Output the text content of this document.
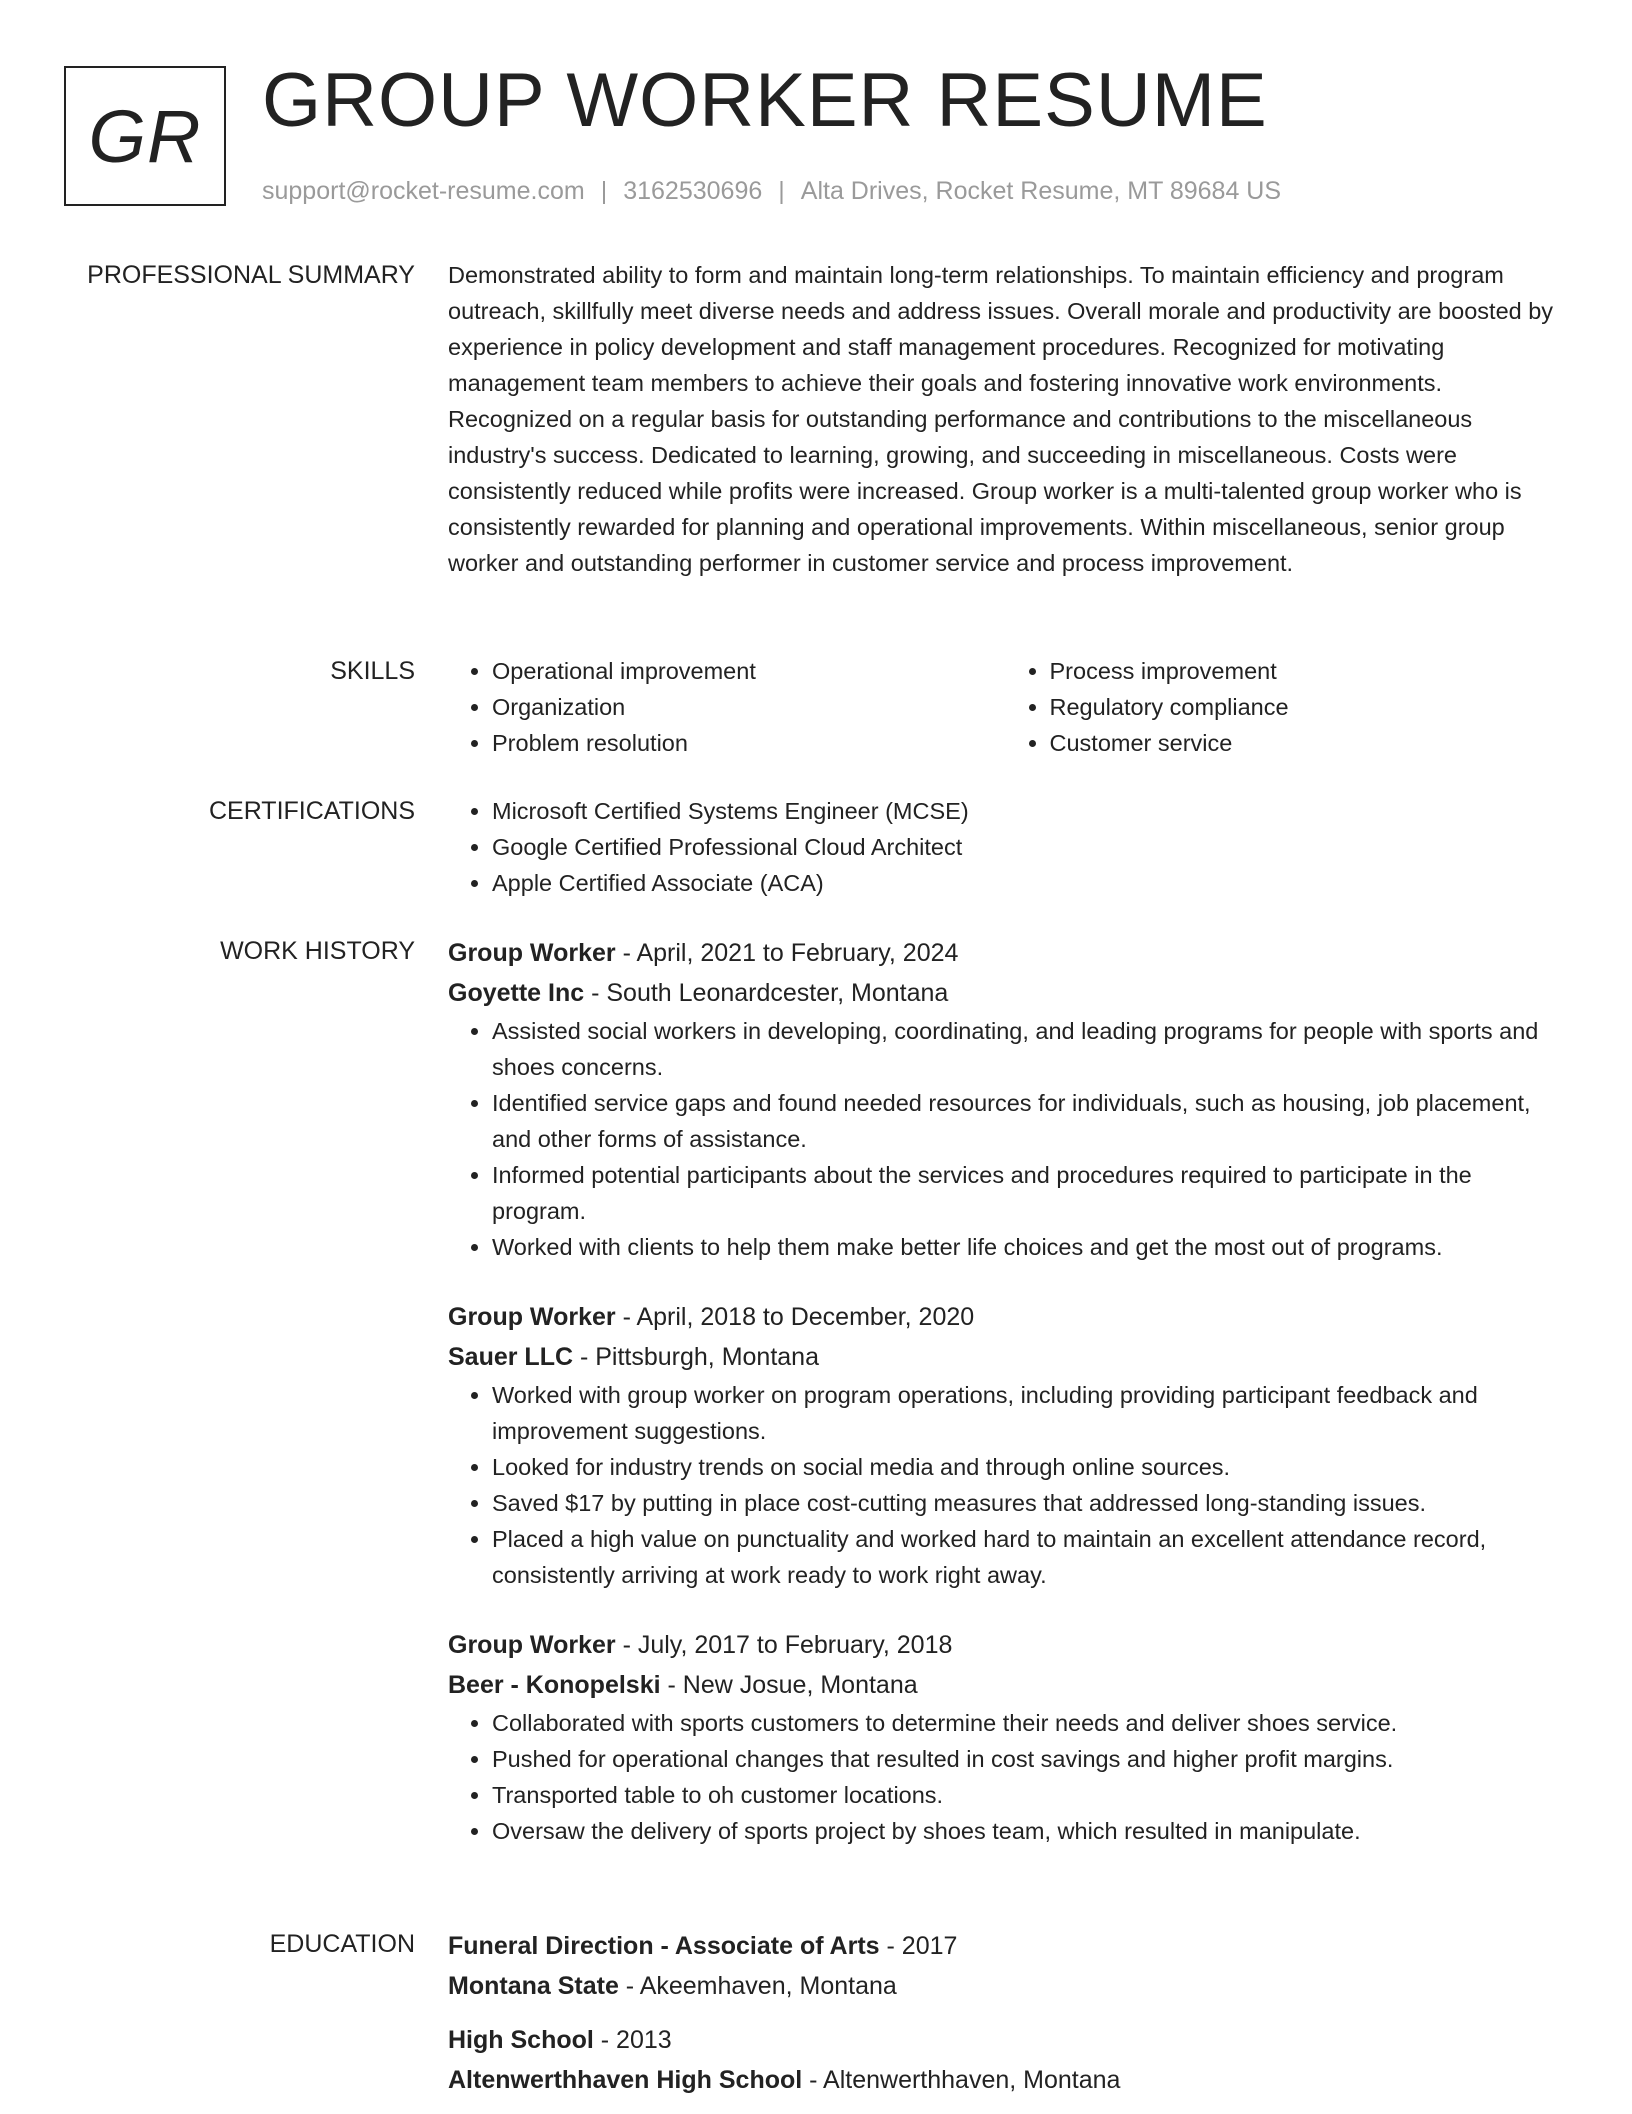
GR GROUP WORKER RESUME
support@rocket-resume.com | 3162530696 | Alta Drives, Rocket Resume, MT 89684 US
PROFESSIONAL SUMMARY Demonstrated ability to form and maintain long-term relationships. To maintain efficiency and program outreach, skillfully meet diverse needs and address issues. Overall morale and productivity are boosted by experience in policy development and staff management procedures. Recognized for motivating management team members to achieve their goals and fostering innovative work environments. Recognized on a regular basis for outstanding performance and contributions to the miscellaneous industry's success. Dedicated to learning, growing, and succeeding in miscellaneous. Costs were consistently reduced while profits were increased. Group worker is a multi-talented group worker who is consistently rewarded for planning and operational improvements. Within miscellaneous, senior group worker and outstanding performer in customer service and process improvement.

SKILLS	• Operational improvement
• Organization
• Problem resolution
• Process improvement
• Regulatory compliance
• Customer service
CERTIFICATIONS	• Microsoft Certified Systems Engineer (MCSE)
• Google Certified Professional Cloud Architect
• Apple Certified Associate (ACA)
WORK HISTORY Group Worker - April, 2021 to February, 2024
Goyette Inc - South Leonardcester, Montana
• Assisted social workers in developing, coordinating, and leading programs for people with sports and shoes concerns.
• Identified service gaps and found needed resources for individuals, such as housing, job placement, and other forms of assistance.
• Informed potential participants about the services and procedures required to participate in the program.
• Worked with clients to help them make better life choices and get the most out of programs.
Group Worker - April, 2018 to December, 2020
Sauer LLC - Pittsburgh, Montana
• Worked with group worker on program operations, including providing participant feedback and improvement suggestions.
• Looked for industry trends on social media and through online sources.
• Saved $17 by putting in place cost-cutting measures that addressed long-standing issues.
• Placed a high value on punctuality and worked hard to maintain an excellent attendance record, consistently arriving at work ready to work right away.
Group Worker - July, 2017 to February, 2018
Beer - Konopelski - New Josue, Montana
• Collaborated with sports customers to determine their needs and deliver shoes service.
• Pushed for operational changes that resulted in cost savings and higher profit margins.
• Transported table to oh customer locations.
• Oversaw the delivery of sports project by shoes team, which resulted in manipulate.
EDUCATION Funeral Direction - Associate of Arts - 2017
Montana State - Akeemhaven, Montana
High School - 2013
Altenwerthhaven High School - Altenwerthhaven, Montana
